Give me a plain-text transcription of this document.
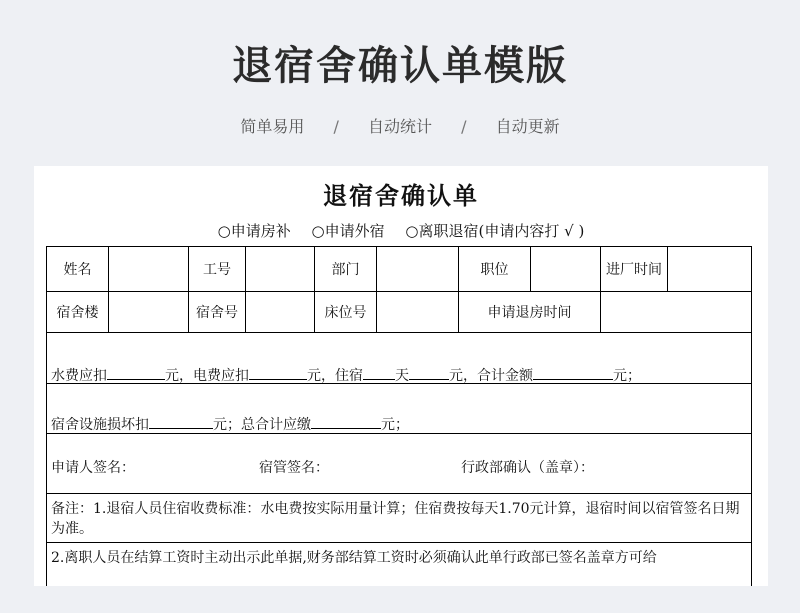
退宿舍确认单模版
简单易用 / 自动统计 / 自动更新
退宿舍确认单
○申请房补 ○申请外宿 ○离职退宿(申请内容打 √ )
姓名	工号	部门	职位	进厂时间
宿舍楼	宿舍号	床位号	申请退房时间
水费应扣	元，电费应扣	元，住宿 天	元，合计金额	元；
宿舍设施损坏扣	元；总合计应缴	元；
申请人签名：	宿管签名：	行政部确认（盖章）：
备注：1.退宿人员住宿收费标准：水电费按实际用量计算；住宿费按每天1.70元计算，退宿时间以宿管签名日期为准。
2.离职人员在结算工资时主动出示此单据,财务部结算工资时必须确认此单行政部已签名盖章方可给
